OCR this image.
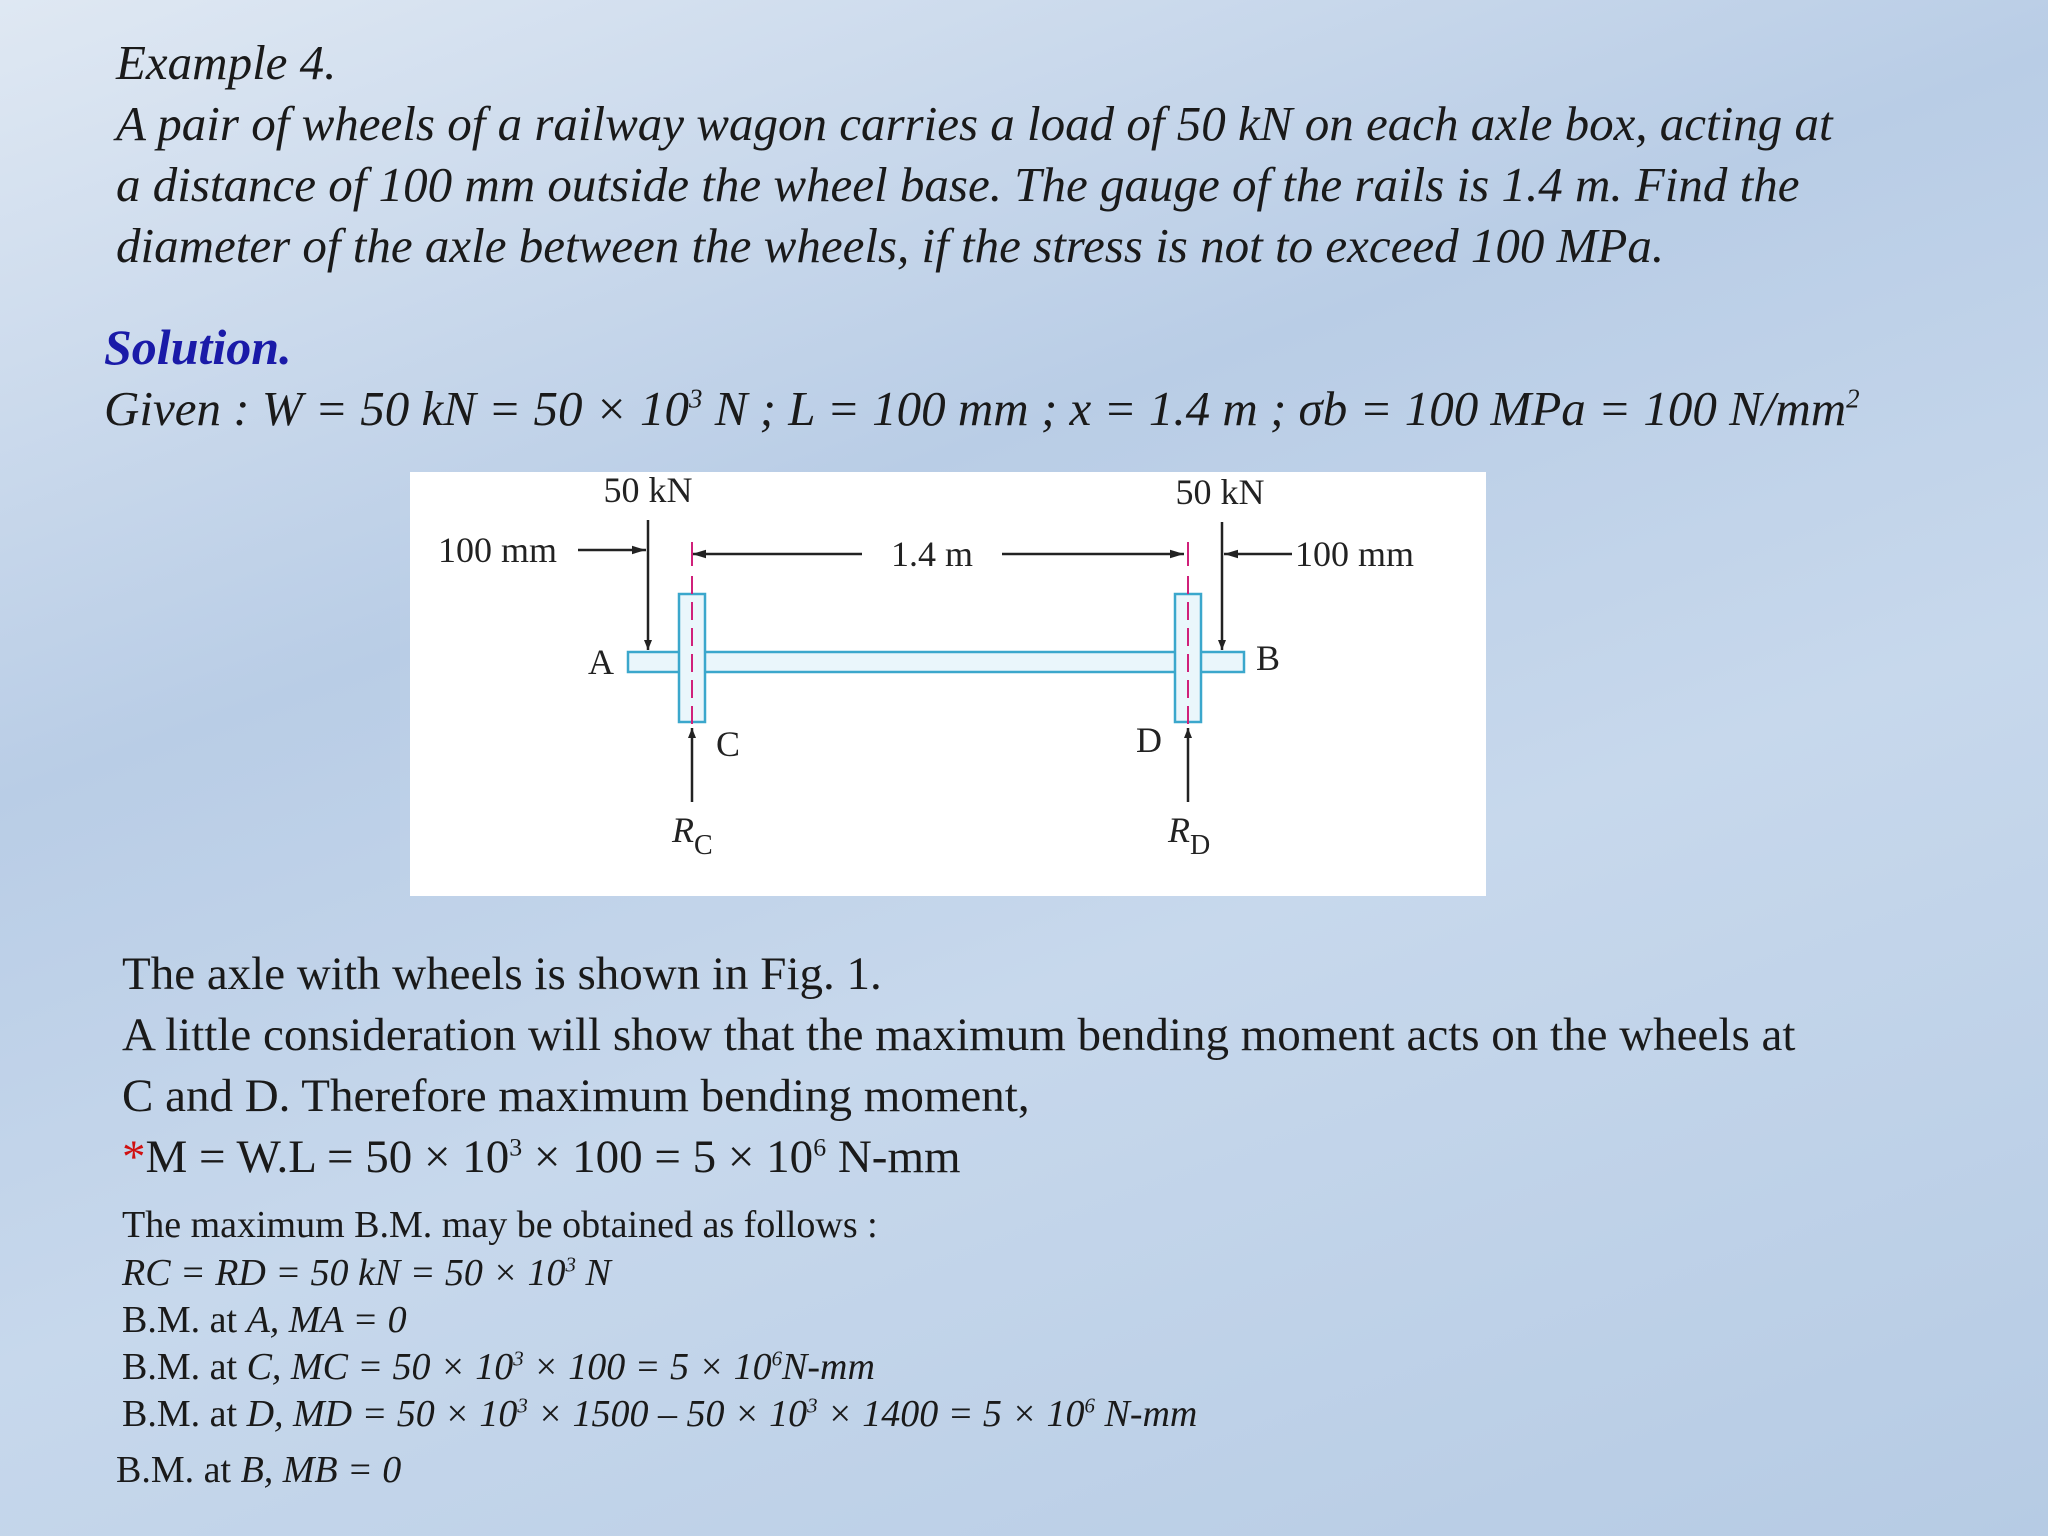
Example 4.
A pair of wheels of a railway wagon carries a load of 50 kN on each axle box, acting at
a distance of 100 mm outside the wheel base. The gauge of the rails is 1.4 m. Find the
diameter of the axle between the wheels, if the stress is not to exceed 100 MPa.
Solution.
Given : W = 50 kN = $50 \times 10^3$ N ; L = 100 mm ; x = 1.4 m ; σb = 100 MPa = 100 $N/mm^2$
50 kN	50 kN
100 mm	100 mm
1.4 m
A	B
C	D
$R_C$	$R_D$
The axle with wheels is shown in Fig. 1.
A little consideration will show that the maximum bending moment acts on the wheels at
C and D. Therefore maximum bending moment,
$*M = W.L = 50 \times 10^3 \times 100 = 5 \times 10^6$ N-mm
The maximum B.M. may be obtained as follows :
RC = RD = 50 kN = $50 \times 10^3$ N
B.M. at A, MA = 0
B.M. at C, MC = $50 \times 10^3 \times 100 = 5 \times 10^6N-mm$
B.M. at D, MD = $50 \times 10^3 \times 1500 - 50 \times 10^3 \times 1400 = 5 \times 10^6$ N-mm
B.M. at B, MB = 0
